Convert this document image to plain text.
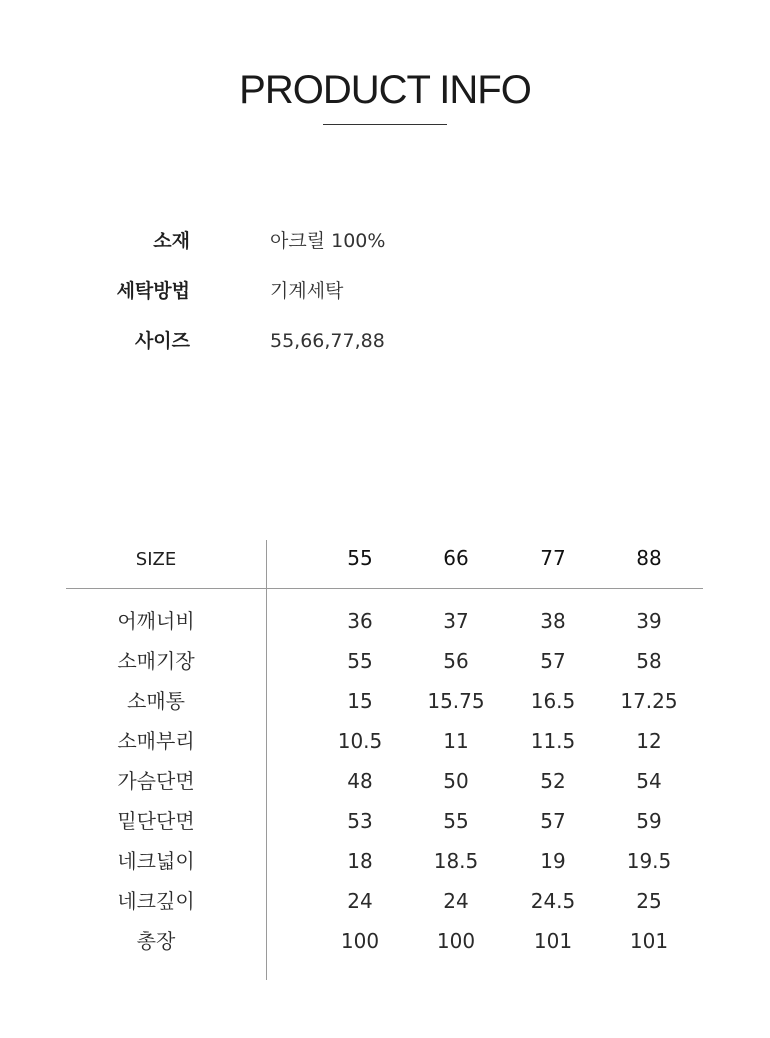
PRODUCT INFO
소재	아크릴 100%
세탁방법	기계세탁
사이즈	55,66,77,88
SIZE	55	66	77	88
어깨너비	36	37	38	39
소매기장	55	56	57	58
소매통	15	15.75	16.5	17.25
소매부리	10.5	11	11.5	12
가슴단면	48	50	52	54
밑단단면	53	55	57	59
네크넓이	18	18.5	19	19.5
네크깊이	24	24	24.5	25
총장	100	100	101	101
